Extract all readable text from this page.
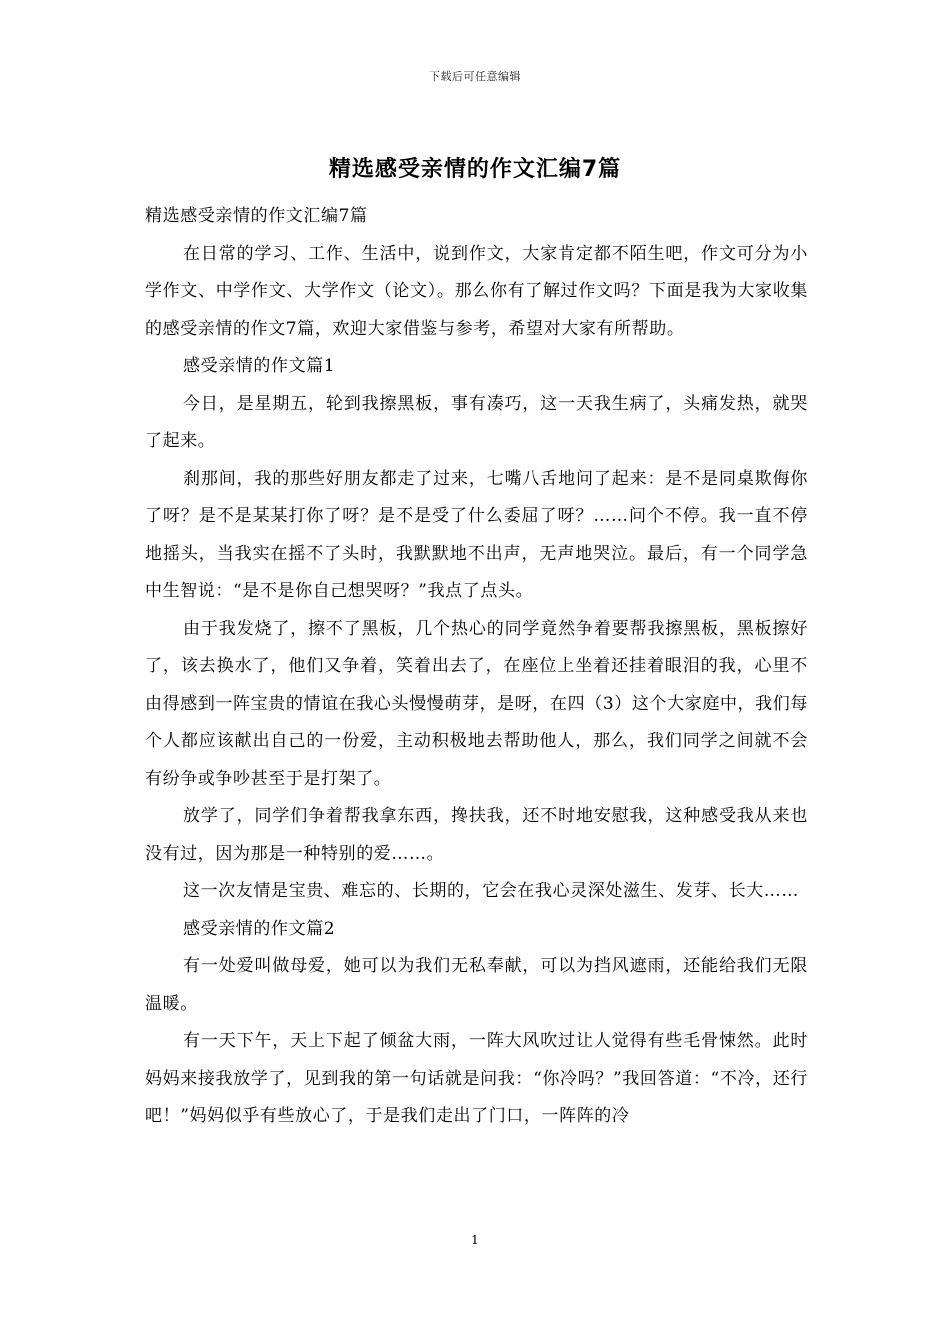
下载后可任意编辑
精选感受亲情的作文汇编7篇

精选感受亲情的作文汇编7篇

在日常的学习、工作、生活中，说到作文，大家肯定都不陌生吧，作文可分为小学作文、中学作文、大学作文（论文）。那么你有了解过作文吗？下面是我为大家收集的感受亲情的作文7篇，欢迎大家借鉴与参考，希望对大家有所帮助。

感受亲情的作文篇1

今日，是星期五，轮到我擦黑板，事有凑巧，这一天我生病了，头痛发热，就哭了起来。

刹那间，我的那些好朋友都走了过来，七嘴八舌地问了起来：是不是同桌欺侮你了呀？是不是某某打你了呀？是不是受了什么委屈了呀？……问个不停。我一直不停地摇头，当我实在摇不了头时，我默默地不出声，无声地哭泣。最后，有一个同学急中生智说：“是不是你自己想哭呀？”我点了点头。

由于我发烧了，擦不了黑板，几个热心的同学竟然争着要帮我擦黑板，黑板擦好了，该去换水了，他们又争着，笑着出去了，在座位上坐着还挂着眼泪的我，心里不由得感到一阵宝贵的情谊在我心头慢慢萌芽，是呀，在四（3）这个大家庭中，我们每个人都应该献出自己的一份爱，主动积极地去帮助他人，那么，我们同学之间就不会有纷争或争吵甚至于是打架了。

放学了，同学们争着帮我拿东西，搀扶我，还不时地安慰我，这种感受我从来也没有过，因为那是一种特别的爱……。

这一次友情是宝贵、难忘的、长期的，它会在我心灵深处滋生、发芽、长大……

感受亲情的作文篇2

有一处爱叫做母爱，她可以为我们无私奉献，可以为挡风遮雨，还能给我们无限温暖。

有一天下午，天上下起了倾盆大雨，一阵大风吹过让人觉得有些毛骨悚然。此时妈妈来接我放学了，见到我的第一句话就是问我：“你冷吗？”我回答道：“不冷，还行吧！”妈妈似乎有些放心了，于是我们走出了门口，一阵阵的冷

1
